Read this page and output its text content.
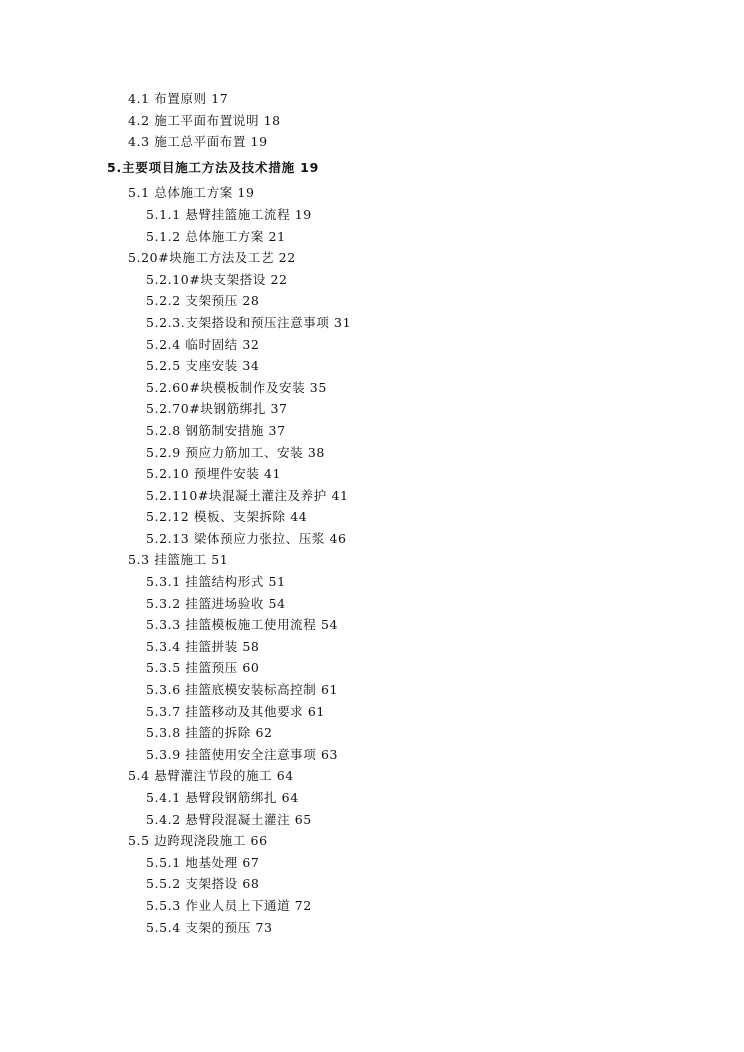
4.1 布置原则 17
4.2 施工平面布置说明 18
4.3 施工总平面布置 19
5.主要项目施工方法及技术措施 19
5.1 总体施工方案 19
5.1.1 悬臂挂篮施工流程 19
5.1.2 总体施工方案 21
5.20#块施工方法及工艺 22
5.2.10#块支架搭设 22
5.2.2 支架预压 28
5.2.3.支架搭设和预压注意事项 31
5.2.4 临时固结 32
5.2.5 支座安装 34
5.2.60#块模板制作及安装 35
5.2.70#块钢筋绑扎 37
5.2.8 钢筋制安措施 37
5.2.9 预应力筋加工、安装 38
5.2.10 预埋件安装 41
5.2.110#块混凝土灌注及养护 41
5.2.12 模板、支架拆除 44
5.2.13 梁体预应力张拉、压浆 46
5.3 挂篮施工 51
5.3.1 挂篮结构形式 51
5.3.2 挂篮进场验收 54
5.3.3 挂篮模板施工使用流程 54
5.3.4 挂篮拼装 58
5.3.5 挂篮预压 60
5.3.6 挂篮底模安装标高控制 61
5.3.7 挂篮移动及其他要求 61
5.3.8 挂篮的拆除 62
5.3.9 挂篮使用安全注意事项 63
5.4 悬臂灌注节段的施工 64
5.4.1 悬臂段钢筋绑扎 64
5.4.2 悬臂段混凝土灌注 65
5.5 边跨现浇段施工 66
5.5.1 地基处理 67
5.5.2 支架搭设 68
5.5.3 作业人员上下通道 72
5.5.4 支架的预压 73
